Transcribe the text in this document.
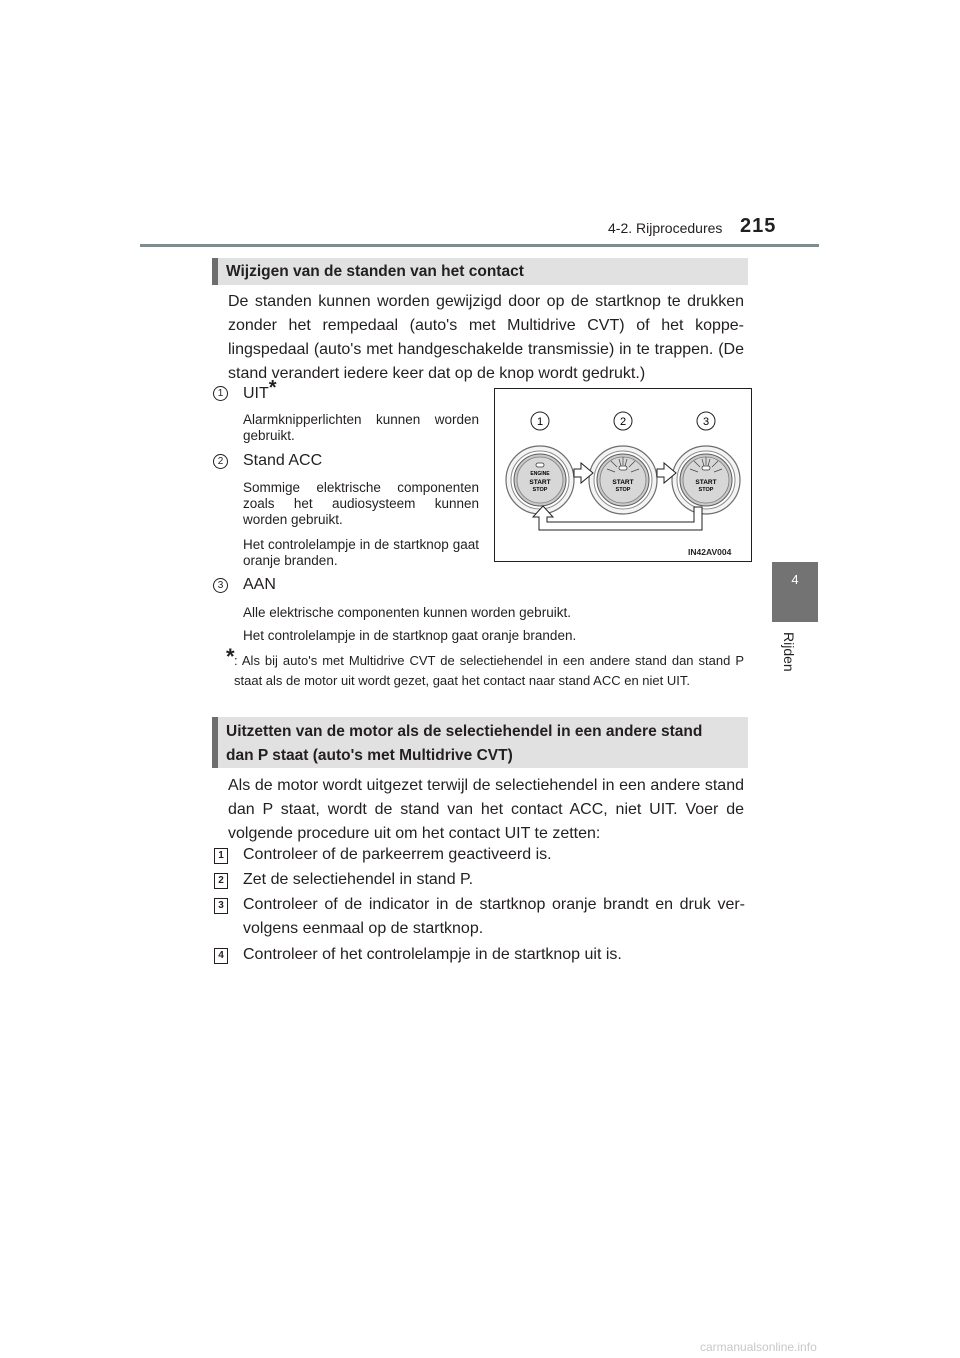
4-2. Rijprocedures 215
4
Rijden
Wijzigen van de standen van het contact
De standen kunnen worden gewijzigd door op de startknop te drukken zonder het rempedaal (auto's met Multidrive CVT) of het koppelingspedaal (auto's met handgeschakelde transmissie) in te trappen. (De stand verandert iedere keer dat op de knop wordt gedrukt.)
1 UIT*
Alarmknipperlichten kunnen worden gebruikt.
2 Stand ACC
Sommige elektrische componenten zoals het audiosysteem kunnen worden gebruikt.
Het controlelampje in de startknop gaat oranje branden.
3 AAN
Alle elektrische componenten kunnen worden gebruikt.
Het controlelampje in de startknop gaat oranje branden.
* : Als bij auto's met Multidrive CVT de selectiehendel in een andere stand dan stand P staat als de motor uit wordt gezet, gaat het contact naar stand ACC en niet UIT.
1	2	3
ENGINE
START
STOP
START
STOP
START
STOP
IN42AV004
Uitzetten van de motor als de selectiehendel in een andere stand
dan P staat (auto's met Multidrive CVT)
Als de motor wordt uitgezet terwijl de selectiehendel in een andere stand dan P staat, wordt de stand van het contact ACC, niet UIT. Voer de volgende procedure uit om het contact UIT te zetten:
1 Controleer of de parkeerrem geactiveerd is.
2 Zet de selectiehendel in stand P.
3 Controleer of de indicator in de startknop oranje brandt en druk vervolgens eenmaal op de startknop.
4 Controleer of het controlelampje in de startknop uit is.
carmanualsonline.info
